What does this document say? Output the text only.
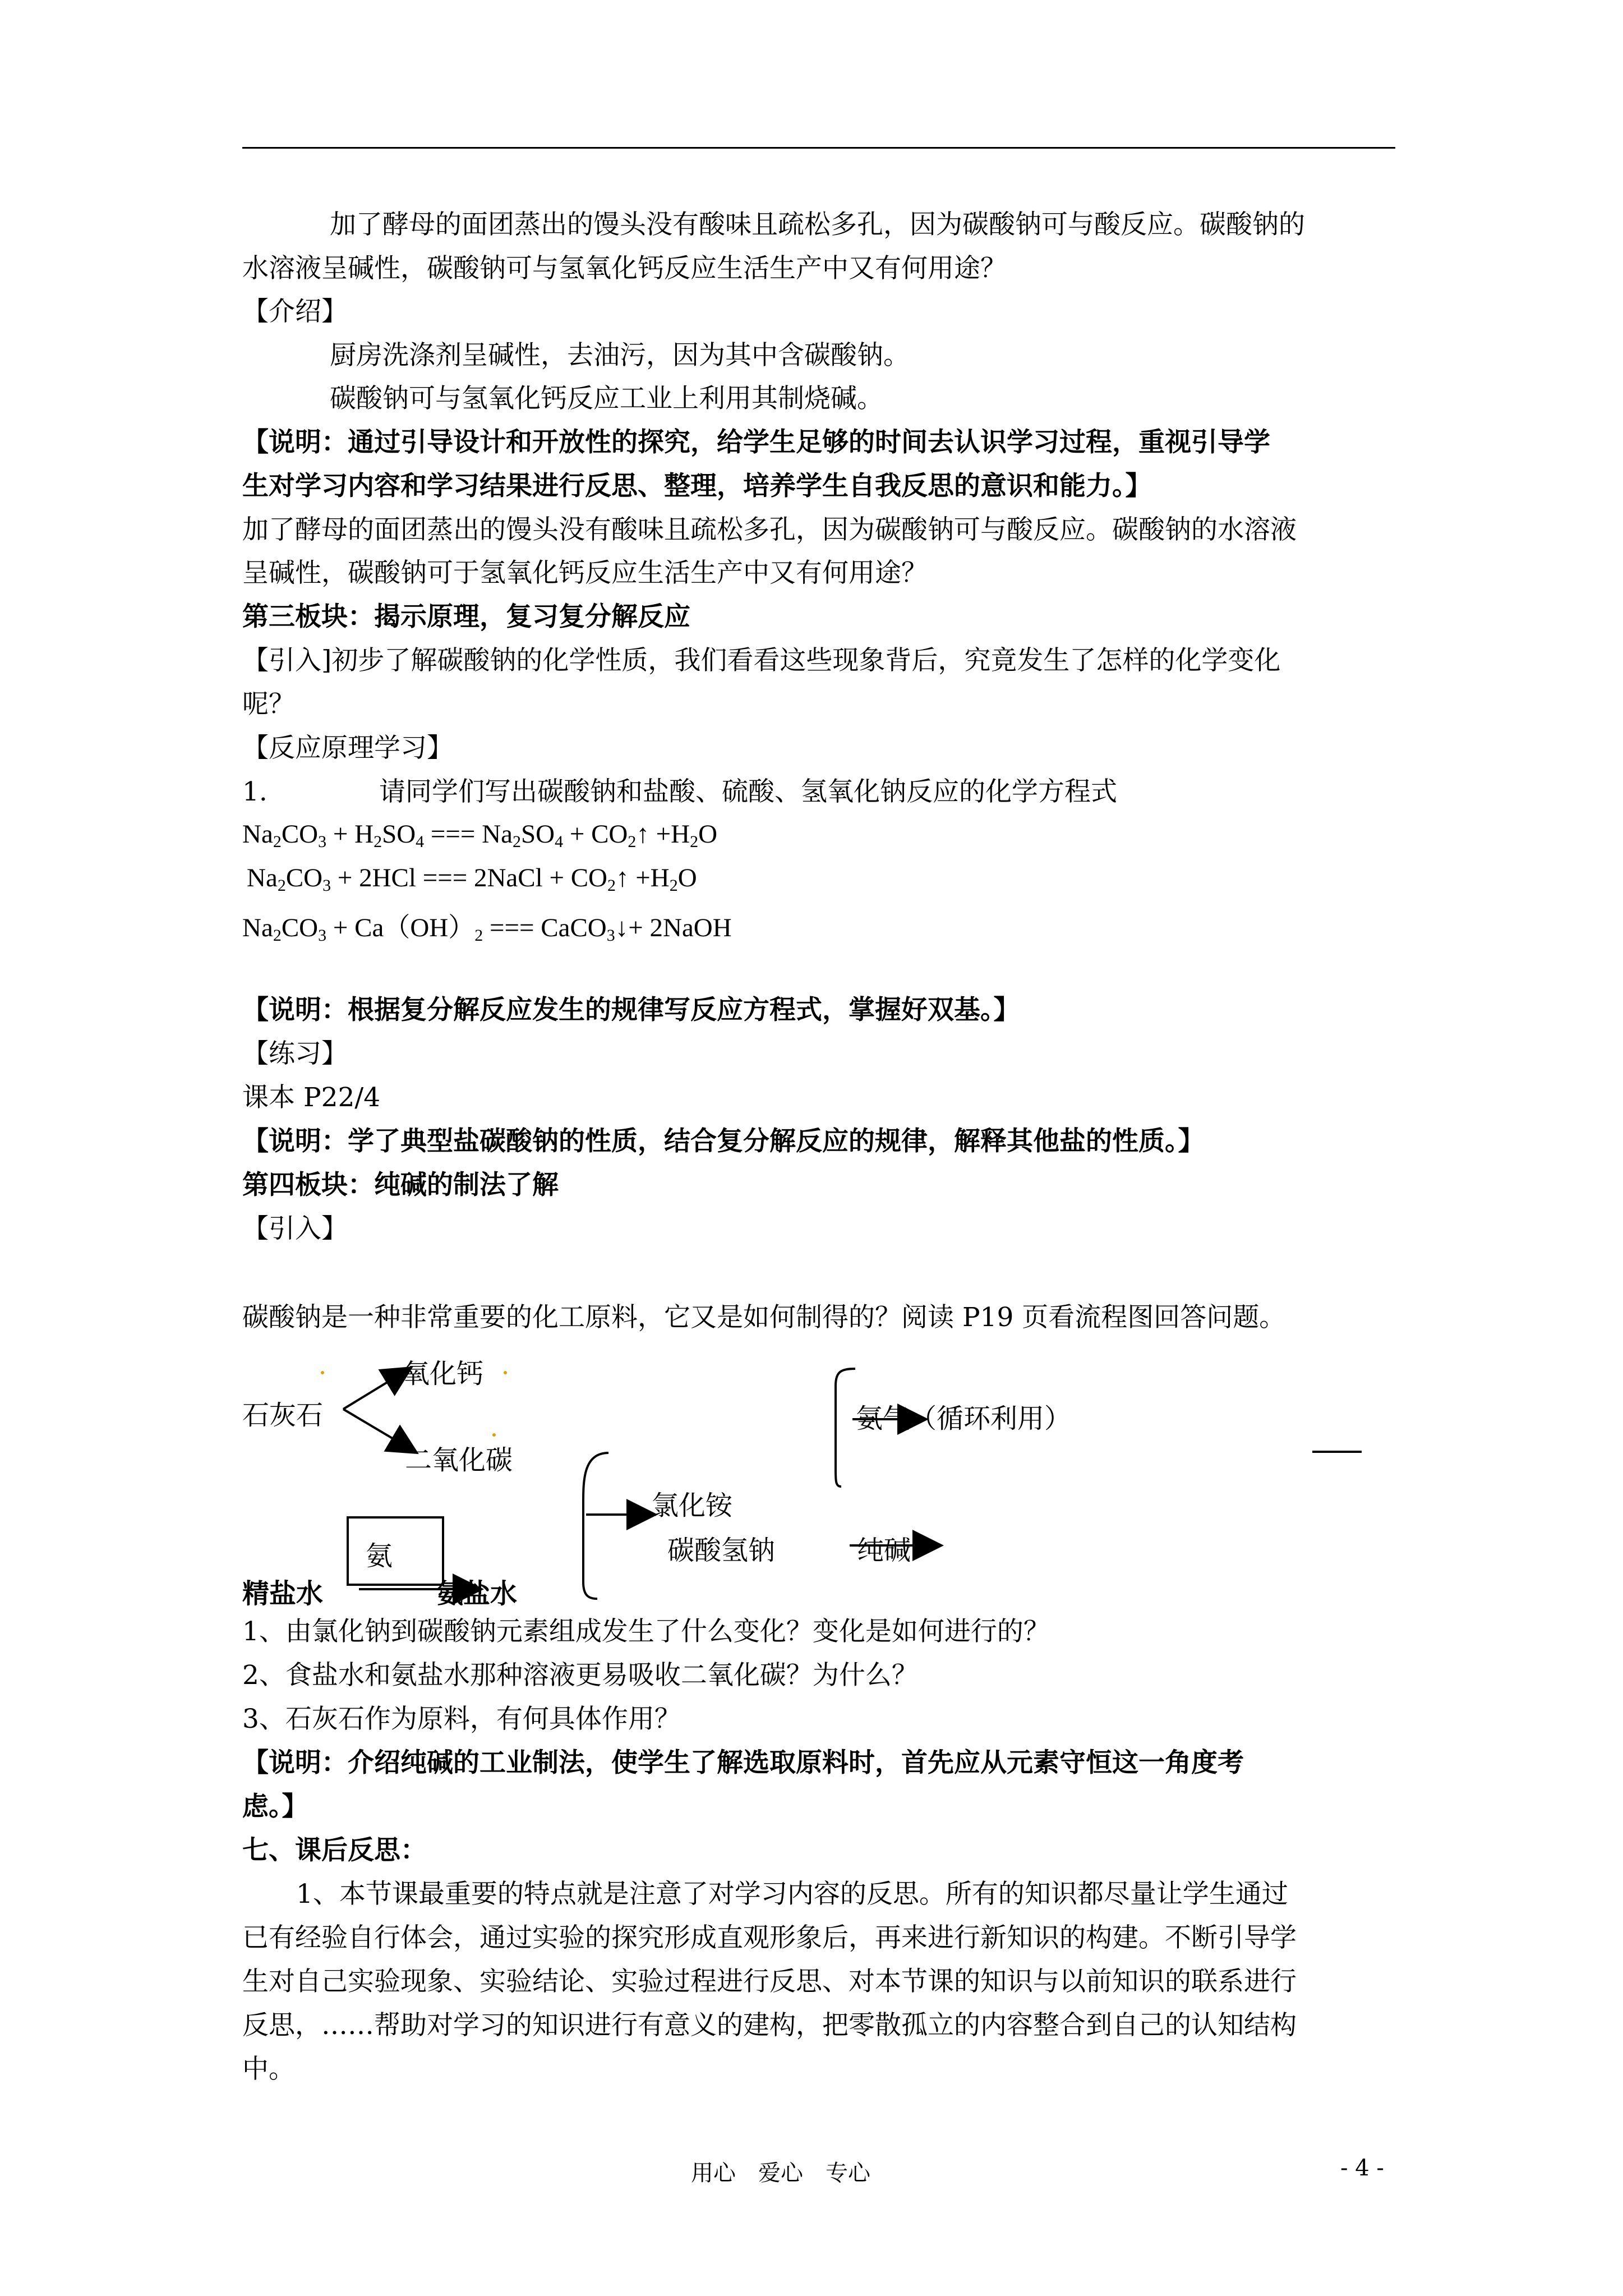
加了酵母的面团蒸出的馒头没有酸味且疏松多孔，因为碳酸钠可与酸反应。碳酸钠的
水溶液呈碱性，碳酸钠可与氢氧化钙反应生活生产中又有何用途？
【介绍】
厨房洗涤剂呈碱性，去油污，因为其中含碳酸钠。
碳酸钠可与氢氧化钙反应工业上利用其制烧碱。
【说明：通过引导设计和开放性的探究，给学生足够的时间去认识学习过程，重视引导学
生对学习内容和学习结果进行反思、整理，培养学生自我反思的意识和能力。】
加了酵母的面团蒸出的馒头没有酸味且疏松多孔，因为碳酸钠可与酸反应。碳酸钠的水溶液
呈碱性，碳酸钠可于氢氧化钙反应生活生产中又有何用途？
第三板块：揭示原理，复习复分解反应
【引入]初步了解碳酸钠的化学性质，我们看看这些现象背后，究竟发生了怎样的化学变化
呢？
【反应原理学习】
1.	请同学们写出碳酸钠和盐酸、硫酸、氢氧化钠反应的化学方程式
$Na_2CO_3 + H_2SO_4$ === $Na_2SO_4$ + $CO_2↑ +H_2O$
$Na_2CO_3 + 2HCl$ === 2NaCl + $CO_2↑ +H_2O$
$Na_2CO_3 + Ca(OH)_2$ === CaCO$_3$↓+ 2NaOH
【说明：根据复分解反应发生的规律写反应方程式，掌握好双基。】
【练习】
课本 P22/4
【说明：学了典型盐碳酸钠的性质，结合复分解反应的规律，解释其他盐的性质。】
第四板块：纯碱的制法了解
【引入】
碳酸钠是一种非常重要的化工原料，它又是如何制得的？阅读 P19 页看流程图回答问题。
石灰石
氧化钙
二氧化碳
氨气（循环利用）
氯化铵
碳酸氢钠	纯碱
氨
精盐水	氨盐水
1、由氯化钠到碳酸钠元素组成发生了什么变化？变化是如何进行的？
2、食盐水和氨盐水那种溶液更易吸收二氧化碳？为什么？
3、石灰石作为原料，有何具体作用？
【说明：介绍纯碱的工业制法，使学生了解选取原料时，首先应从元素守恒这一角度考
虑。】
七、课后反思：
1、本节课最重要的特点就是注意了对学习内容的反思。所有的知识都尽量让学生通过
已有经验自行体会，通过实验的探究形成直观形象后，再来进行新知识的构建。不断引导学
生对自己实验现象、实验结论、实验过程进行反思、对本节课的知识与以前知识的联系进行
反思，……帮助对学习的知识进行有意义的建构，把零散孤立的内容整合到自己的认知结构
中。
用心　爱心　专心	- 4 -
